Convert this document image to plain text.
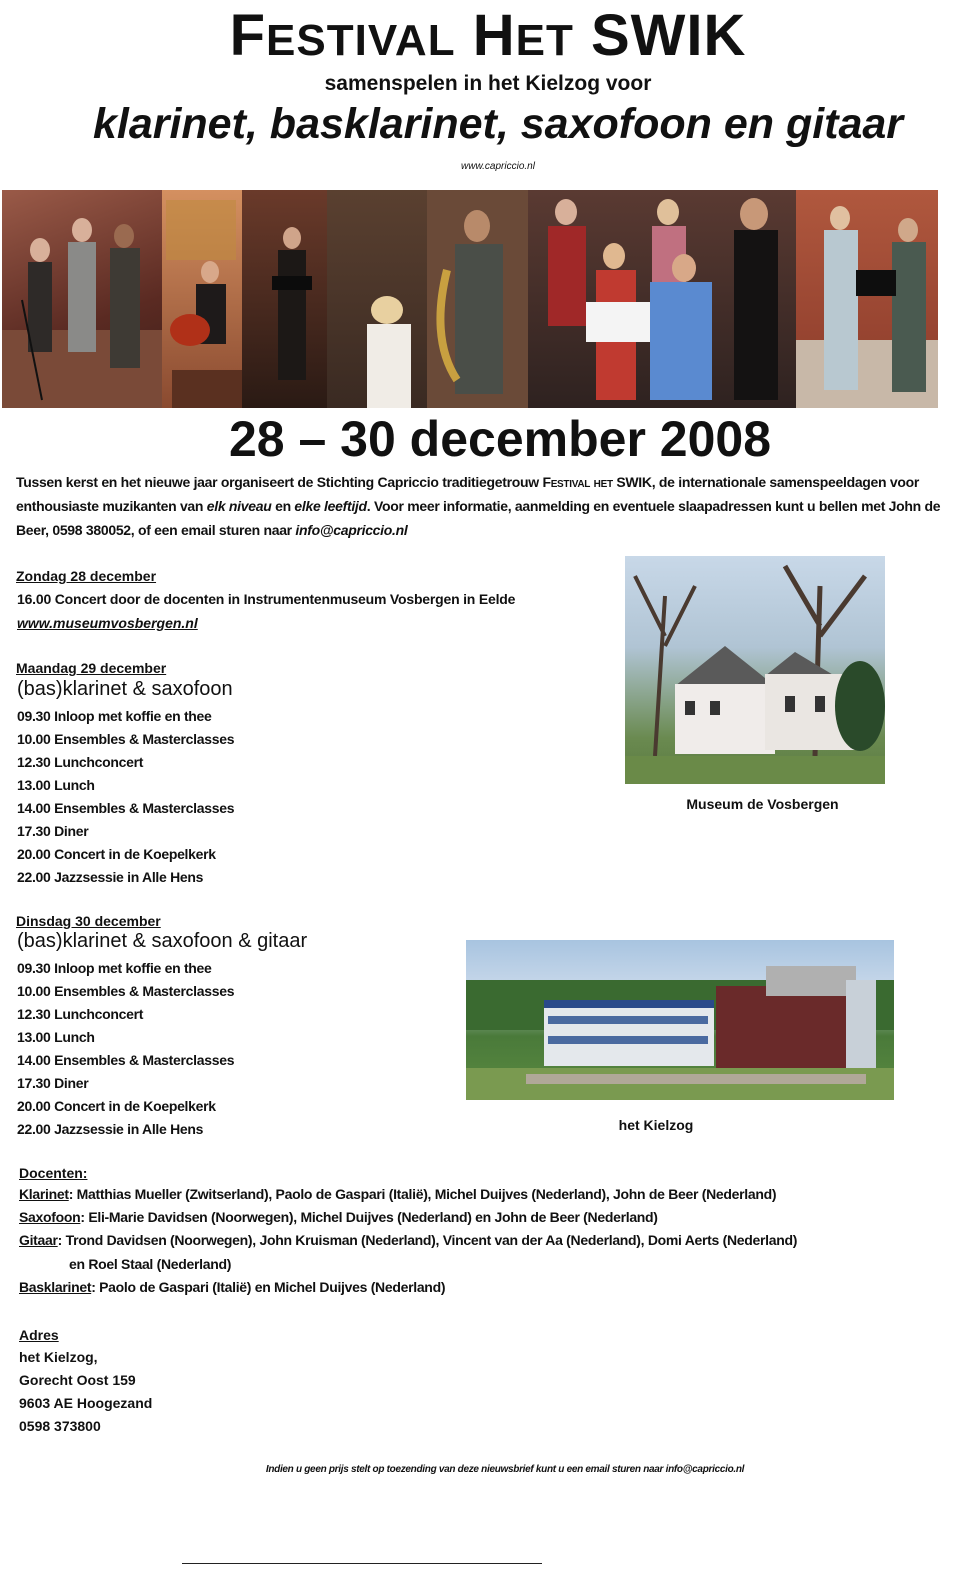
FESTIVAL HET SWIK
samenspelen in het Kielzog voor
klarinet, basklarinet, saxofoon en gitaar
www.capriccio.nl
28 – 30 december 2008
Tussen kerst en het nieuwe jaar organiseert de Stichting Capriccio traditiegetrouw Festival het SWIK, de internationale samenspeeldagen voor enthousiaste muzikanten van elk niveau en elke leeftijd. Voor meer informatie, aanmelding en eventuele slaapadressen kunt u bellen met John de Beer, 0598 380052, of een email sturen naar info@capriccio.nl
Zondag 28 december
16.00 Concert door de docenten in Instrumentenmuseum Vosbergen in Eelde
www.museumvosbergen.nl
Maandag 29 december
(bas)klarinet & saxofoon
09.30 Inloop met koffie en thee
10.00 Ensembles & Masterclasses
12.30 Lunchconcert
13.00 Lunch
14.00 Ensembles & Masterclasses
17.30 Diner
20.00 Concert in de Koepelkerk
22.00 Jazzsessie in Alle Hens
Museum de Vosbergen
Dinsdag 30 december
(bas)klarinet & saxofoon & gitaar
09.30 Inloop met koffie en thee
10.00 Ensembles & Masterclasses
12.30 Lunchconcert
13.00 Lunch
14.00 Ensembles & Masterclasses
17.30 Diner
20.00 Concert in de Koepelkerk
22.00 Jazzsessie in Alle Hens	het Kielzog
Docenten:
Klarinet: Matthias Mueller (Zwitserland), Paolo de Gaspari (Italië), Michel Duijves (Nederland), John de Beer (Nederland)
Saxofoon: Eli-Marie Davidsen (Noorwegen), Michel Duijves (Nederland) en John de Beer (Nederland)
Gitaar: Trond Davidsen (Noorwegen), John Kruisman (Nederland), Vincent van der Aa (Nederland), Domi Aerts (Nederland)
en Roel Staal (Nederland)
Basklarinet: Paolo de Gaspari (Italië) en Michel Duijves (Nederland)
Adres
het Kielzog,
Gorecht Oost 159
9603 AE Hoogezand
0598 373800
Indien u geen prijs stelt op toezending van deze nieuwsbrief kunt u een email sturen naar info@capriccio.nl
